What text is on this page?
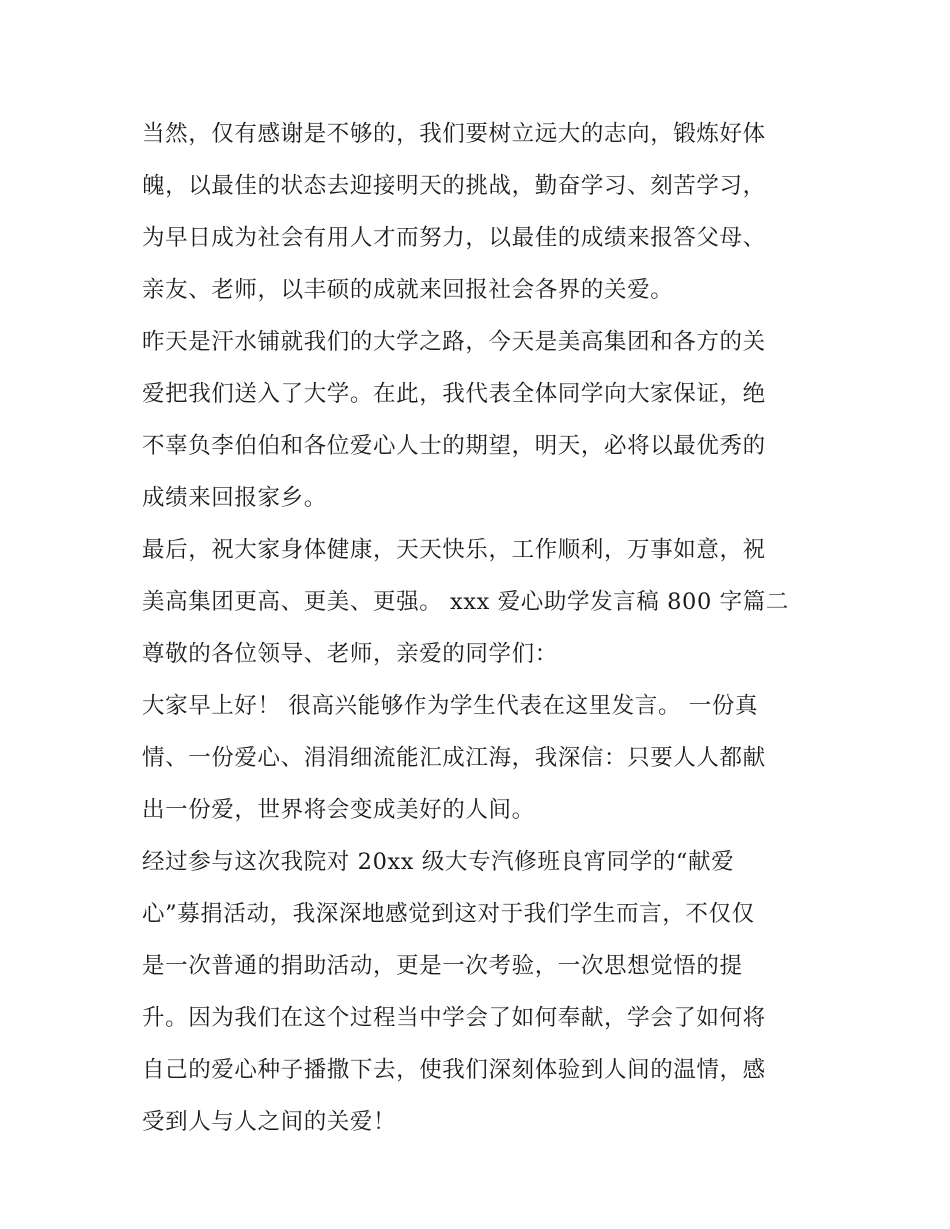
当然，仅有感谢是不够的，我们要树立远大的志向，锻炼好体
魄，以最佳的状态去迎接明天的挑战，勤奋学习、刻苦学习，
为早日成为社会有用人才而努力，以最佳的成绩来报答父母、
亲友、老师，以丰硕的成就来回报社会各界的关爱。
昨天是汗水铺就我们的大学之路，今天是美高集团和各方的关
爱把我们送入了大学。在此，我代表全体同学向大家保证，绝
不辜负李伯伯和各位爱心人士的期望，明天，必将以最优秀的
成绩来回报家乡。
最后，祝大家身体健康，天天快乐，工作顺利，万事如意，祝
美高集团更高、更美、更强。 xxx 爱心助学发言稿 800 字篇二
尊敬的各位领导、老师，亲爱的同学们：
大家早上好！ 很高兴能够作为学生代表在这里发言。 一份真
情、一份爱心、涓涓细流能汇成江海，我深信：只要人人都献
出一份爱，世界将会变成美好的人间。
经过参与这次我院对 20xx 级大专汽修班良宵同学的“献爱
心”募捐活动，我深深地感觉到这对于我们学生而言，不仅仅
是一次普通的捐助活动，更是一次考验，一次思想觉悟的提
升。因为我们在这个过程当中学会了如何奉献，学会了如何将
自己的爱心种子播撒下去，使我们深刻体验到人间的温情，感
受到人与人之间的关爱！
